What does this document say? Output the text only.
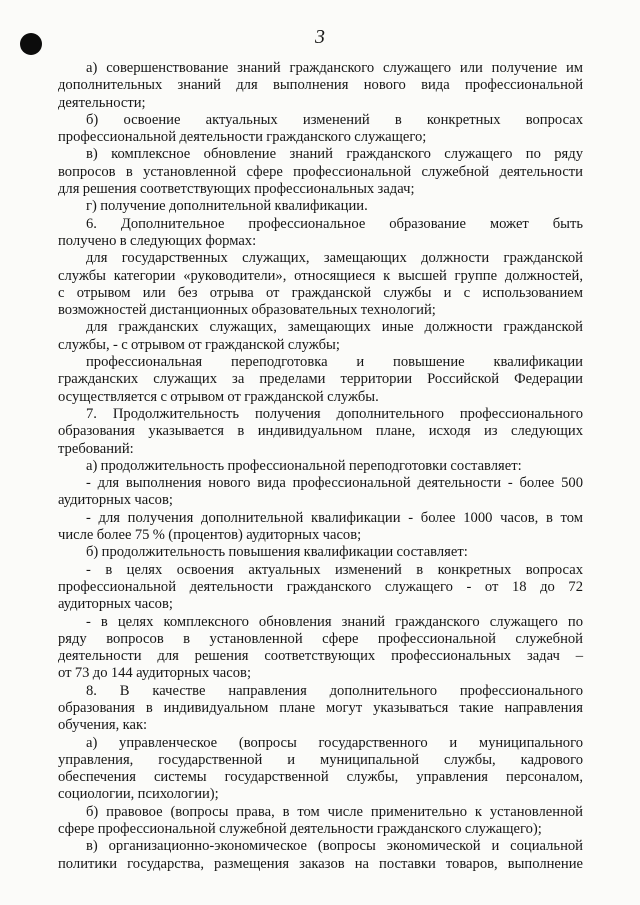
3

а) совершенствование знаний гражданского служащего или получение им

дополнительных знаний для выполнения нового вида профессиональной

деятельности;

б) освоение актуальных изменений в конкретных вопросах

профессиональной деятельности гражданского служащего;

в) комплексное обновление знаний гражданского служащего по ряду

вопросов в установленной сфере профессиональной служебной деятельности

для решения соответствующих профессиональных задач;

г) получение дополнительной квалификации.

6. Дополнительное профессиональное образование может быть

получено в следующих формах:

для государственных служащих, замещающих должности гражданской

службы категории «руководители», относящиеся к высшей группе должностей,

с отрывом или без отрыва от гражданской службы и с использованием

возможностей дистанционных образовательных технологий;

для гражданских служащих, замещающих иные должности гражданской

службы, - с отрывом от гражданской службы;

профессиональная переподготовка и повышение квалификации

гражданских служащих за пределами территории Российской Федерации

осуществляется с отрывом от гражданской службы.

7. Продолжительность получения дополнительного профессионального

образования указывается в индивидуальном плане, исходя из следующих

требований:

а) продолжительность профессиональной переподготовки составляет:

- для выполнения нового вида профессиональной деятельности - более 500

аудиторных часов;

- для получения дополнительной квалификации - более 1000 часов, в том

числе более 75 % (процентов) аудиторных часов;

б) продолжительность повышения квалификации составляет:

- в целях освоения актуальных изменений в конкретных вопросах

профессиональной деятельности гражданского служащего - от 18 до 72

аудиторных часов;

- в целях комплексного обновления знаний гражданского служащего по

ряду вопросов в установленной сфере профессиональной служебной

деятельности для решения соответствующих профессиональных задач –

от 73 до 144 аудиторных часов;

8. В качестве направления дополнительного профессионального

образования в индивидуальном плане могут указываться такие направления

обучения, как:

а) управленческое (вопросы государственного и муниципального

управления, государственной и муниципальной службы, кадрового

обеспечения системы государственной службы, управления персоналом,

социологии, психологии);

б) правовое (вопросы права, в том числе применительно к установленной

сфере профессиональной служебной деятельности гражданского служащего);

в) организационно-экономическое (вопросы экономической и социальной

политики государства, размещения заказов на поставки товаров, выполнение
